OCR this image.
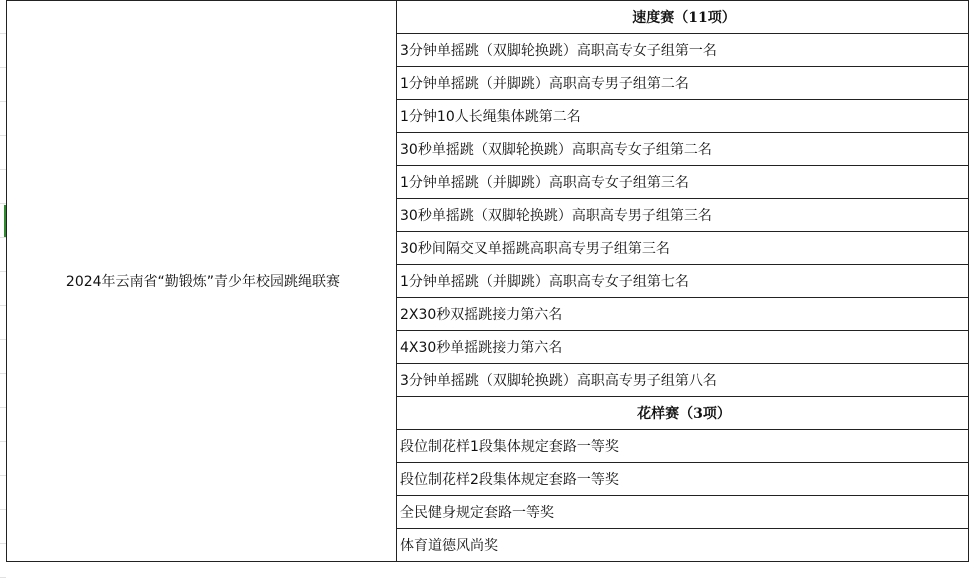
2024年云南省“勤锻炼”青少年校园跳绳联赛	速度赛（11项）
3分钟单摇跳（双脚轮换跳）高职高专女子组第一名
1分钟单摇跳（并脚跳）高职高专男子组第二名
1分钟10人长绳集体跳第二名
30秒单摇跳（双脚轮换跳）高职高专女子组第二名
1分钟单摇跳（并脚跳）高职高专女子组第三名
30秒单摇跳（双脚轮换跳）高职高专男子组第三名
30秒间隔交叉单摇跳高职高专男子组第三名
1分钟单摇跳（并脚跳）高职高专女子组第七名
2X30秒双摇跳接力第六名
4X30秒单摇跳接力第六名
3分钟单摇跳（双脚轮换跳）高职高专男子组第八名
花样赛（3项）
段位制花样1段集体规定套路一等奖
段位制花样2段集体规定套路一等奖
全民健身规定套路一等奖
体育道德风尚奖
